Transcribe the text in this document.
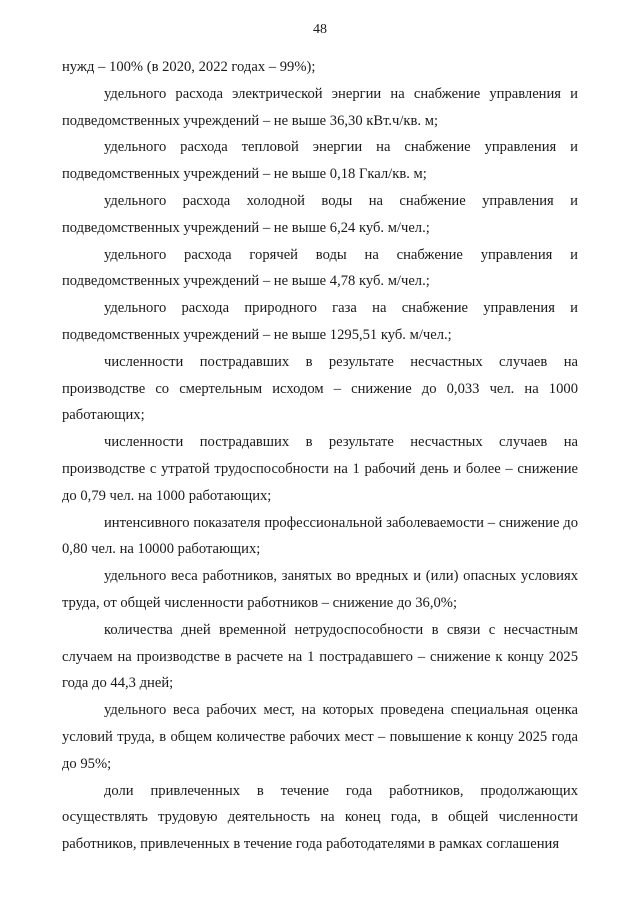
48

нужд – 100% (в 2020, 2022 годах – 99%);

удельного расхода электрической энергии на снабжение управления и подведомственных учреждений – не выше 36,30 кВт.ч/кв. м;

удельного расхода тепловой энергии на снабжение управления и подведомственных учреждений – не выше 0,18 Гкал/кв. м;

удельного расхода холодной воды на снабжение управления и подведомственных учреждений – не выше 6,24 куб. м/чел.;

удельного расхода горячей воды на снабжение управления и подведомственных учреждений – не выше 4,78 куб. м/чел.;

удельного расхода природного газа на снабжение управления и подведомственных учреждений – не выше 1295,51 куб. м/чел.;

численности пострадавших в результате несчастных случаев на производстве со смертельным исходом – снижение до 0,033 чел. на 1000 работающих;

численности пострадавших в результате несчастных случаев на производстве с утратой трудоспособности на 1 рабочий день и более – снижение до 0,79 чел. на 1000 работающих;

интенсивного показателя профессиональной заболеваемости – снижение до 0,80 чел. на 10000 работающих;

удельного веса работников, занятых во вредных и (или) опасных условиях труда, от общей численности работников – снижение до 36,0%;

количества дней временной нетрудоспособности в связи с несчастным случаем на производстве в расчете на 1 пострадавшего – снижение к концу 2025 года до 44,3 дней;

удельного веса рабочих мест, на которых проведена специальная оценка условий труда, в общем количестве рабочих мест – повышение к концу 2025 года до 95%;

доли привлеченных в течение года работников, продолжающих осуществлять трудовую деятельность на конец года, в общей численности работников, привлеченных в течение года работодателями в рамках соглашения
